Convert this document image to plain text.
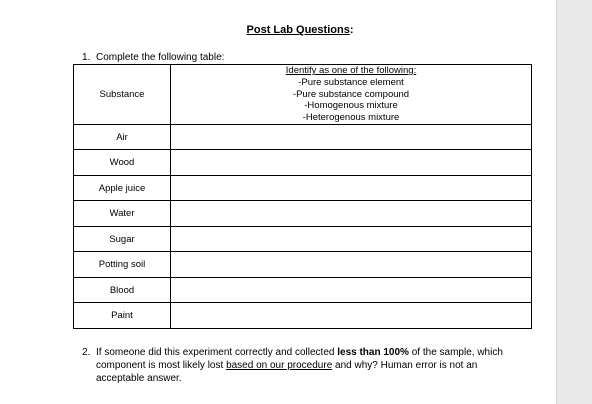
Post Lab Questions:
1. Complete the following table:
Substance	Identify as one of the following:
-Pure substance element
-Pure substance compound
-Homogenous mixture
-Heterogenous mixture

Air	
Wood	
Apple juice	
Water	
Sugar	
Potting soil	
Blood	
Paint	
2. If someone did this experiment correctly and collected less than 100% of the sample, which component is most likely lost based on our procedure and why? Human error is not an acceptable answer.
